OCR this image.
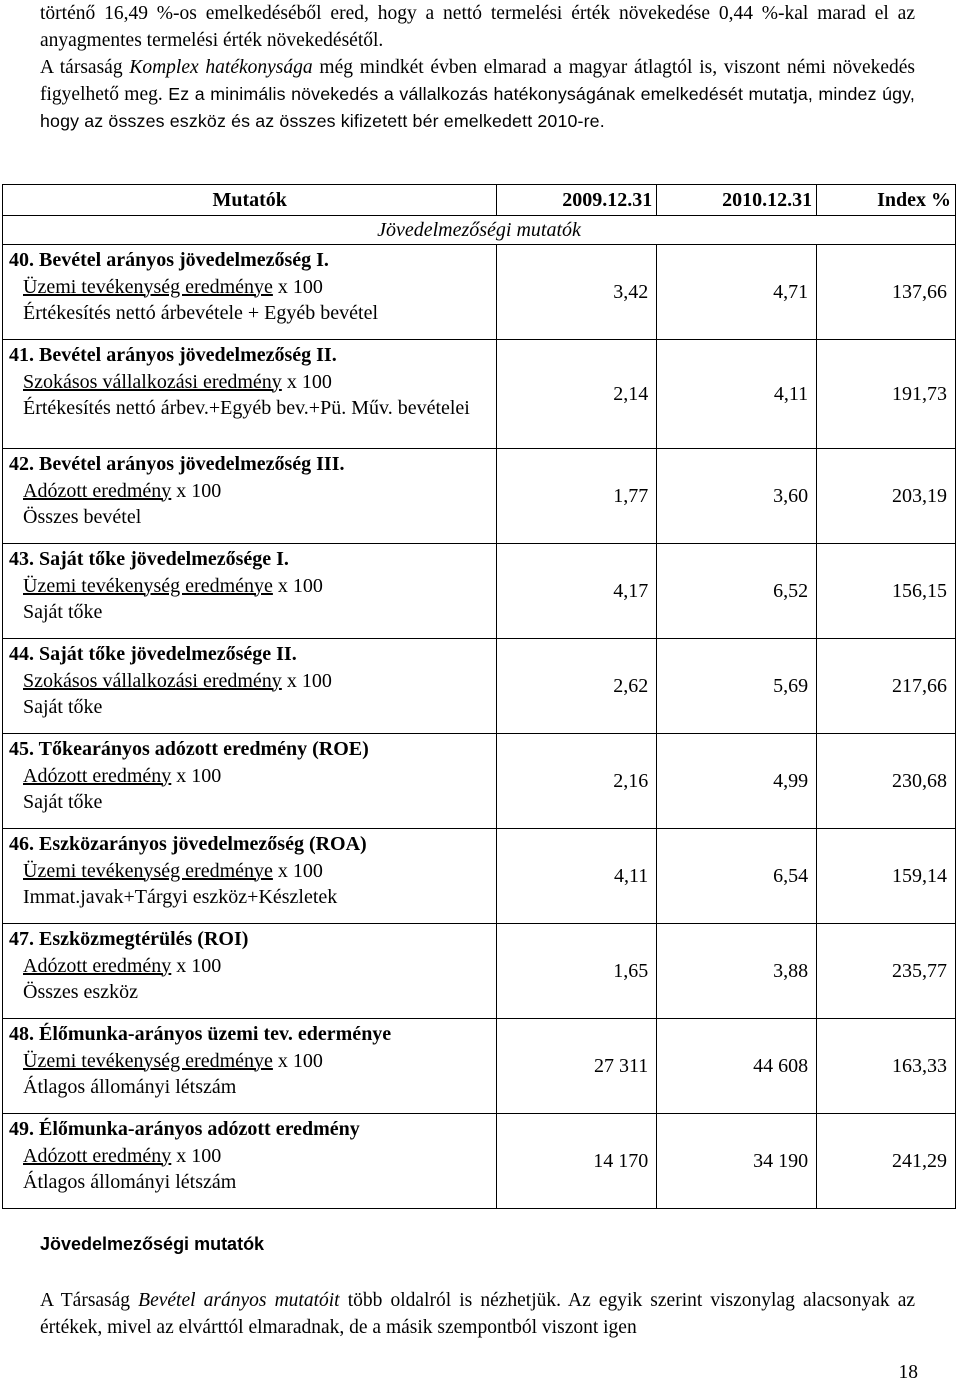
történő 16,49 %-os emelkedéséből ered, hogy a nettó termelési érték növekedése 0,44 %-kal marad el az anyagmentes termelési érték növekedésétől.

A társaság Komplex hatékonysága még mindkét évben elmarad a magyar átlagtól is, viszont némi növekedés figyelhető meg. Ez a minimális növekedés a vállalkozás hatékonyságának emelkedését mutatja, mindez úgy, hogy az összes eszköz és az összes kifizetett bér emelkedett 2010-re.

Mutatók	2009.12.31	2010.12.31	Index %
Jövedelmezőségi mutatók			

40. Bevétel arányos jövedelmezőség I.
Üzemi tevékenység eredménye x 100
Értékesítés nettó árbevétele + Egyéb bevétel	3,42	4,71	137,66

41. Bevétel arányos jövedelmezőség II.
Szokásos vállalkozási eredmény x 100
Értékesítés nettó árbev.+Egyéb bev.+Pü. Műv. bevételei	2,14	4,11	191,73

42. Bevétel arányos jövedelmezőség III.
Adózott eredmény x 100
Összes bevétel	1,77	3,60	203,19

43. Saját tőke jövedelmezősége I.
Üzemi tevékenység eredménye x 100
Saját tőke	4,17	6,52	156,15

44. Saját tőke jövedelmezősége II.
Szokásos vállalkozási eredmény x 100
Saját tőke	2,62	5,69	217,66

45. Tőkearányos adózott eredmény (ROE)
Adózott eredmény x 100
Saját tőke	2,16	4,99	230,68

46. Eszközarányos jövedelmezőség (ROA)
Üzemi tevékenység eredménye x 100
Immat.javak+Tárgyi eszköz+Készletek	4,11	6,54	159,14

47. Eszközmegtérülés (ROI)
Adózott eredmény x 100
Összes eszköz	1,65	3,88	235,77

48. Élőmunka-arányos üzemi tev. ederménye
Üzemi tevékenység eredménye x 100
Átlagos állományi létszám	27 311	44 608	163,33

49. Élőmunka-arányos adózott eredmény
Adózott eredmény x 100
Átlagos állományi létszám	14 170	34 190	241,29

Jövedelmezőségi mutatók

A Társaság Bevétel arányos mutatóit több oldalról is nézhetjük. Az egyik szerint viszonylag alacsonyak az értékek, mivel az elvárttól elmaradnak, de a másik szempontból viszont igen

18
